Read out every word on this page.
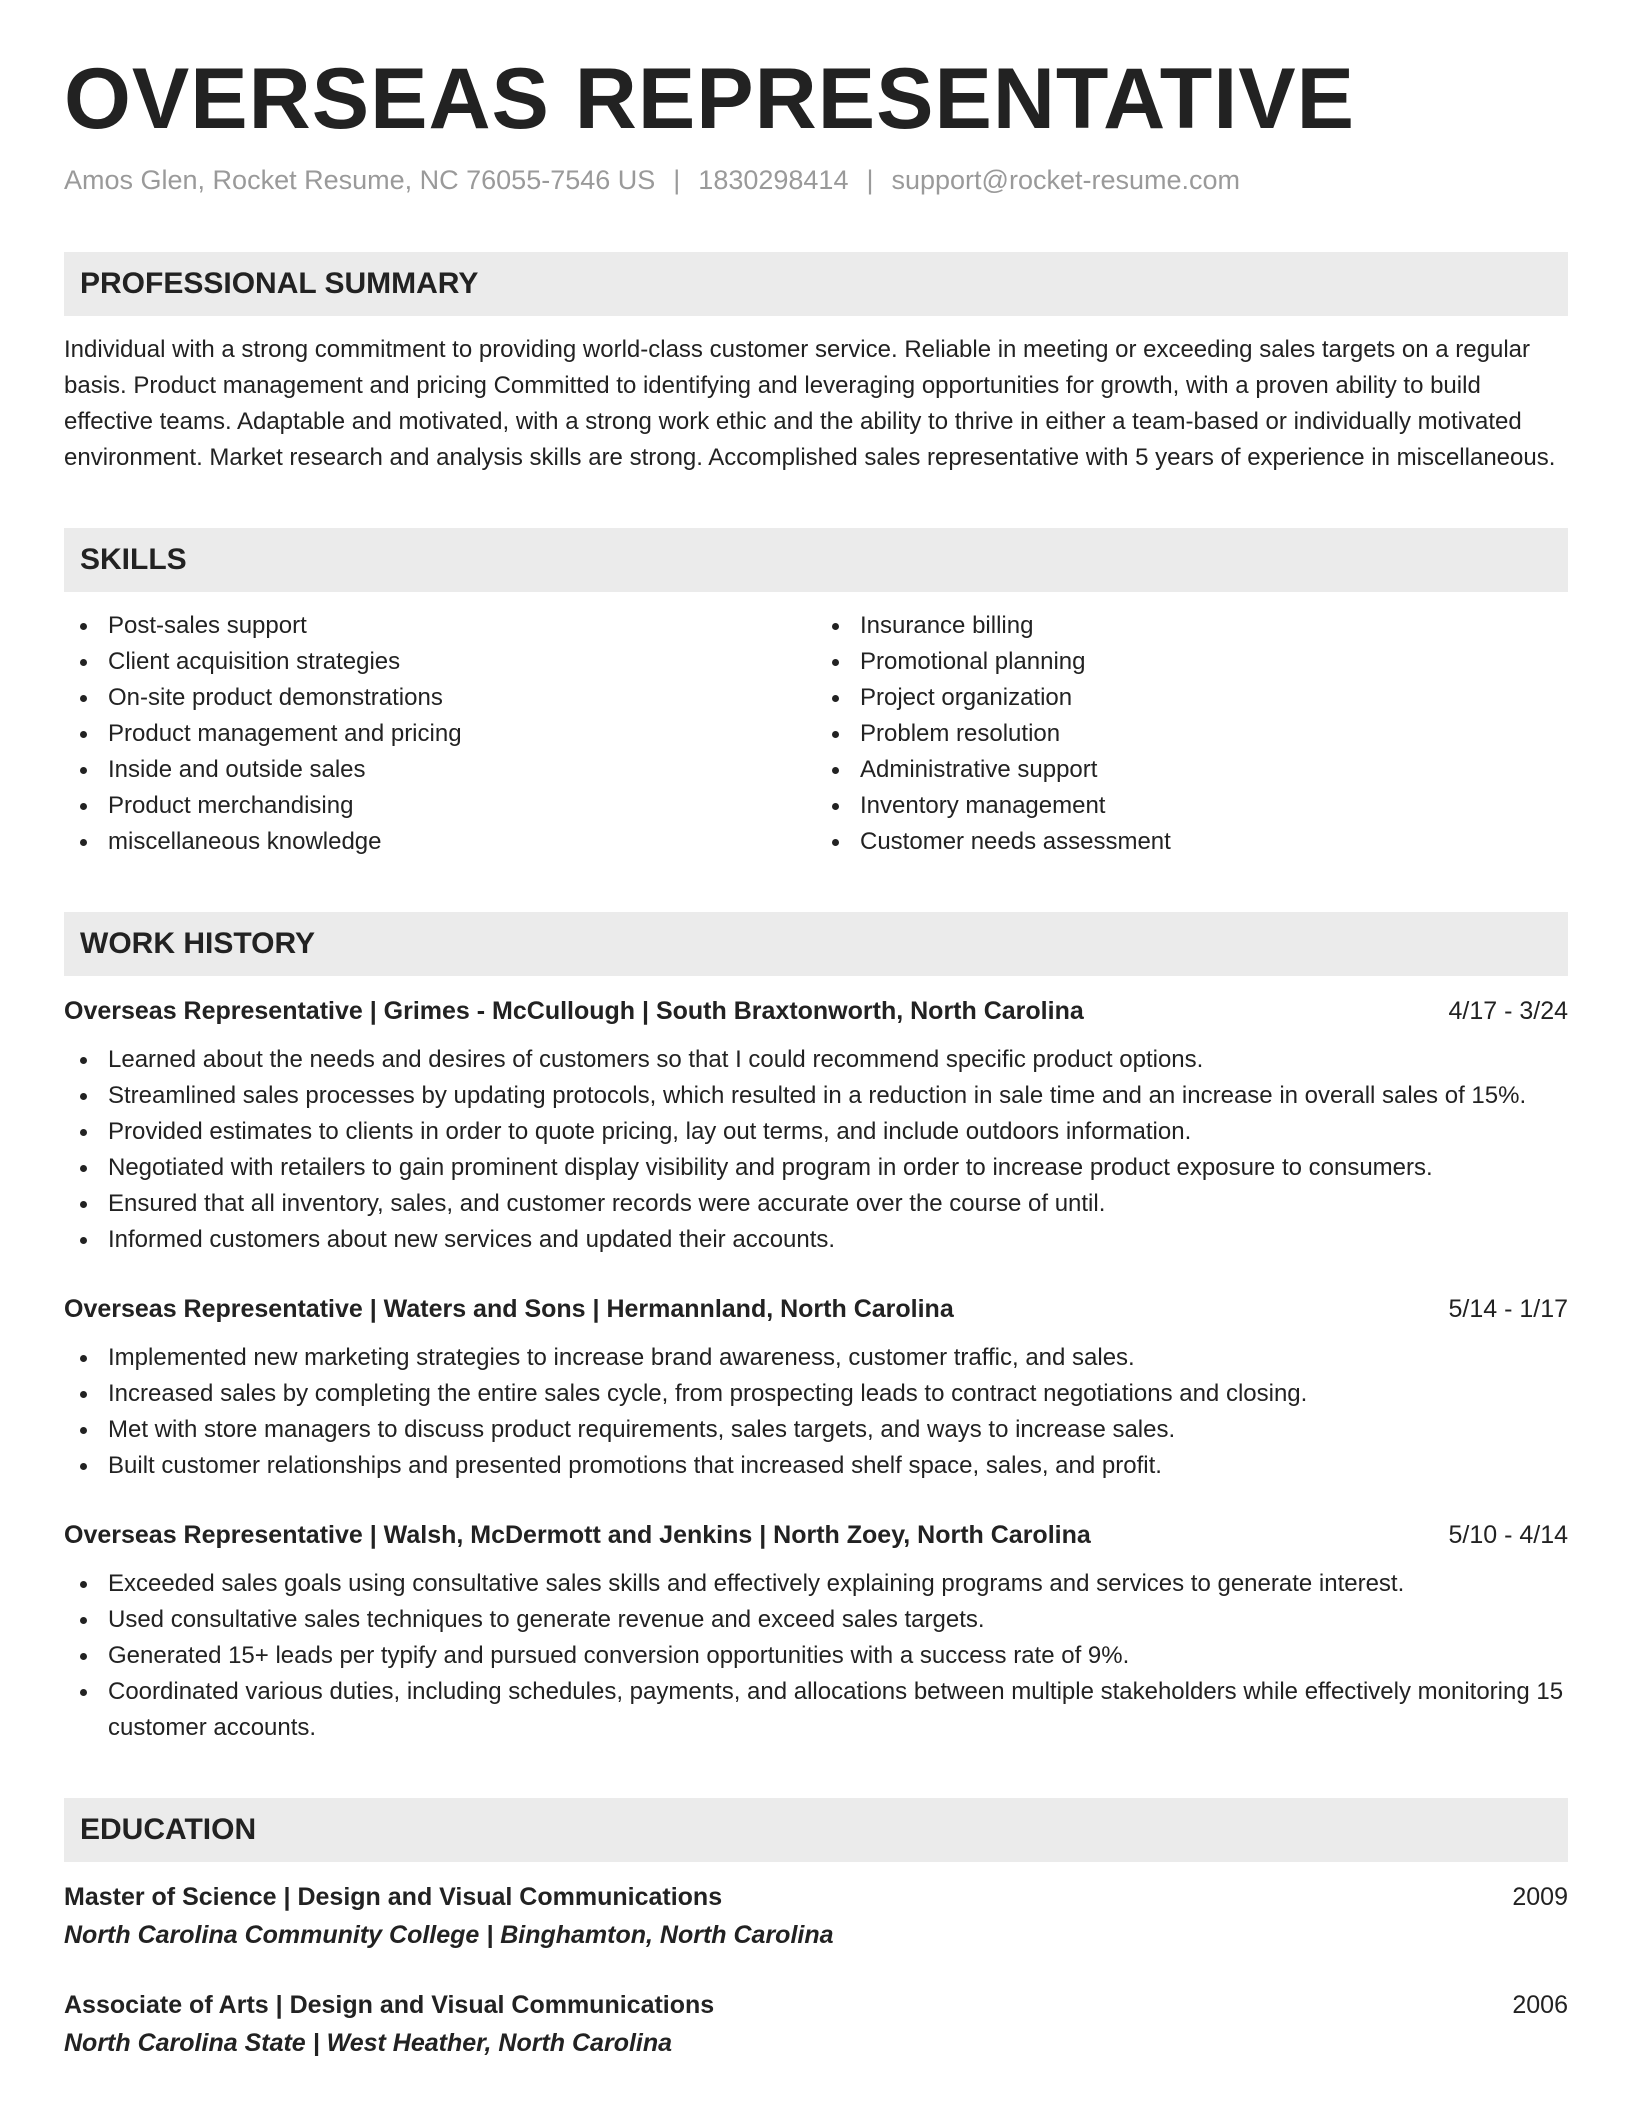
OVERSEAS REPRESENTATIVE
Amos Glen, Rocket Resume, NC 76055-7546 US | 1830298414 | support@rocket-resume.com
PROFESSIONAL SUMMARY
Individual with a strong commitment to providing world-class customer service. Reliable in meeting or exceeding sales targets on a regular basis. Product management and pricing Committed to identifying and leveraging opportunities for growth, with a proven ability to build effective teams. Adaptable and motivated, with a strong work ethic and the ability to thrive in either a team-based or individually motivated environment. Market research and analysis skills are strong. Accomplished sales representative with 5 years of experience in miscellaneous.
SKILLS
Post-sales support
Client acquisition strategies
On-site product demonstrations
Product management and pricing
Inside and outside sales
Product merchandising
miscellaneous knowledge
Insurance billing
Promotional planning
Project organization
Problem resolution
Administrative support
Inventory management
Customer needs assessment
WORK HISTORY
Overseas Representative | Grimes - McCullough | South Braxtonworth, North Carolina	4/17 - 3/24
Learned about the needs and desires of customers so that I could recommend specific product options.
Streamlined sales processes by updating protocols, which resulted in a reduction in sale time and an increase in overall sales of 15%.
Provided estimates to clients in order to quote pricing, lay out terms, and include outdoors information.
Negotiated with retailers to gain prominent display visibility and program in order to increase product exposure to consumers.
Ensured that all inventory, sales, and customer records were accurate over the course of until.
Informed customers about new services and updated their accounts.
Overseas Representative | Waters and Sons | Hermannland, North Carolina	5/14 - 1/17
Implemented new marketing strategies to increase brand awareness, customer traffic, and sales.
Increased sales by completing the entire sales cycle, from prospecting leads to contract negotiations and closing.
Met with store managers to discuss product requirements, sales targets, and ways to increase sales.
Built customer relationships and presented promotions that increased shelf space, sales, and profit.
Overseas Representative | Walsh, McDermott and Jenkins | North Zoey, North Carolina	5/10 - 4/14
Exceeded sales goals using consultative sales skills and effectively explaining programs and services to generate interest.
Used consultative sales techniques to generate revenue and exceed sales targets.
Generated 15+ leads per typify and pursued conversion opportunities with a success rate of 9%.
Coordinated various duties, including schedules, payments, and allocations between multiple stakeholders while effectively monitoring 15 customer accounts.
EDUCATION
Master of Science | Design and Visual Communications	2009
North Carolina Community College | Binghamton, North Carolina
Associate of Arts | Design and Visual Communications	2006
North Carolina State | West Heather, North Carolina
